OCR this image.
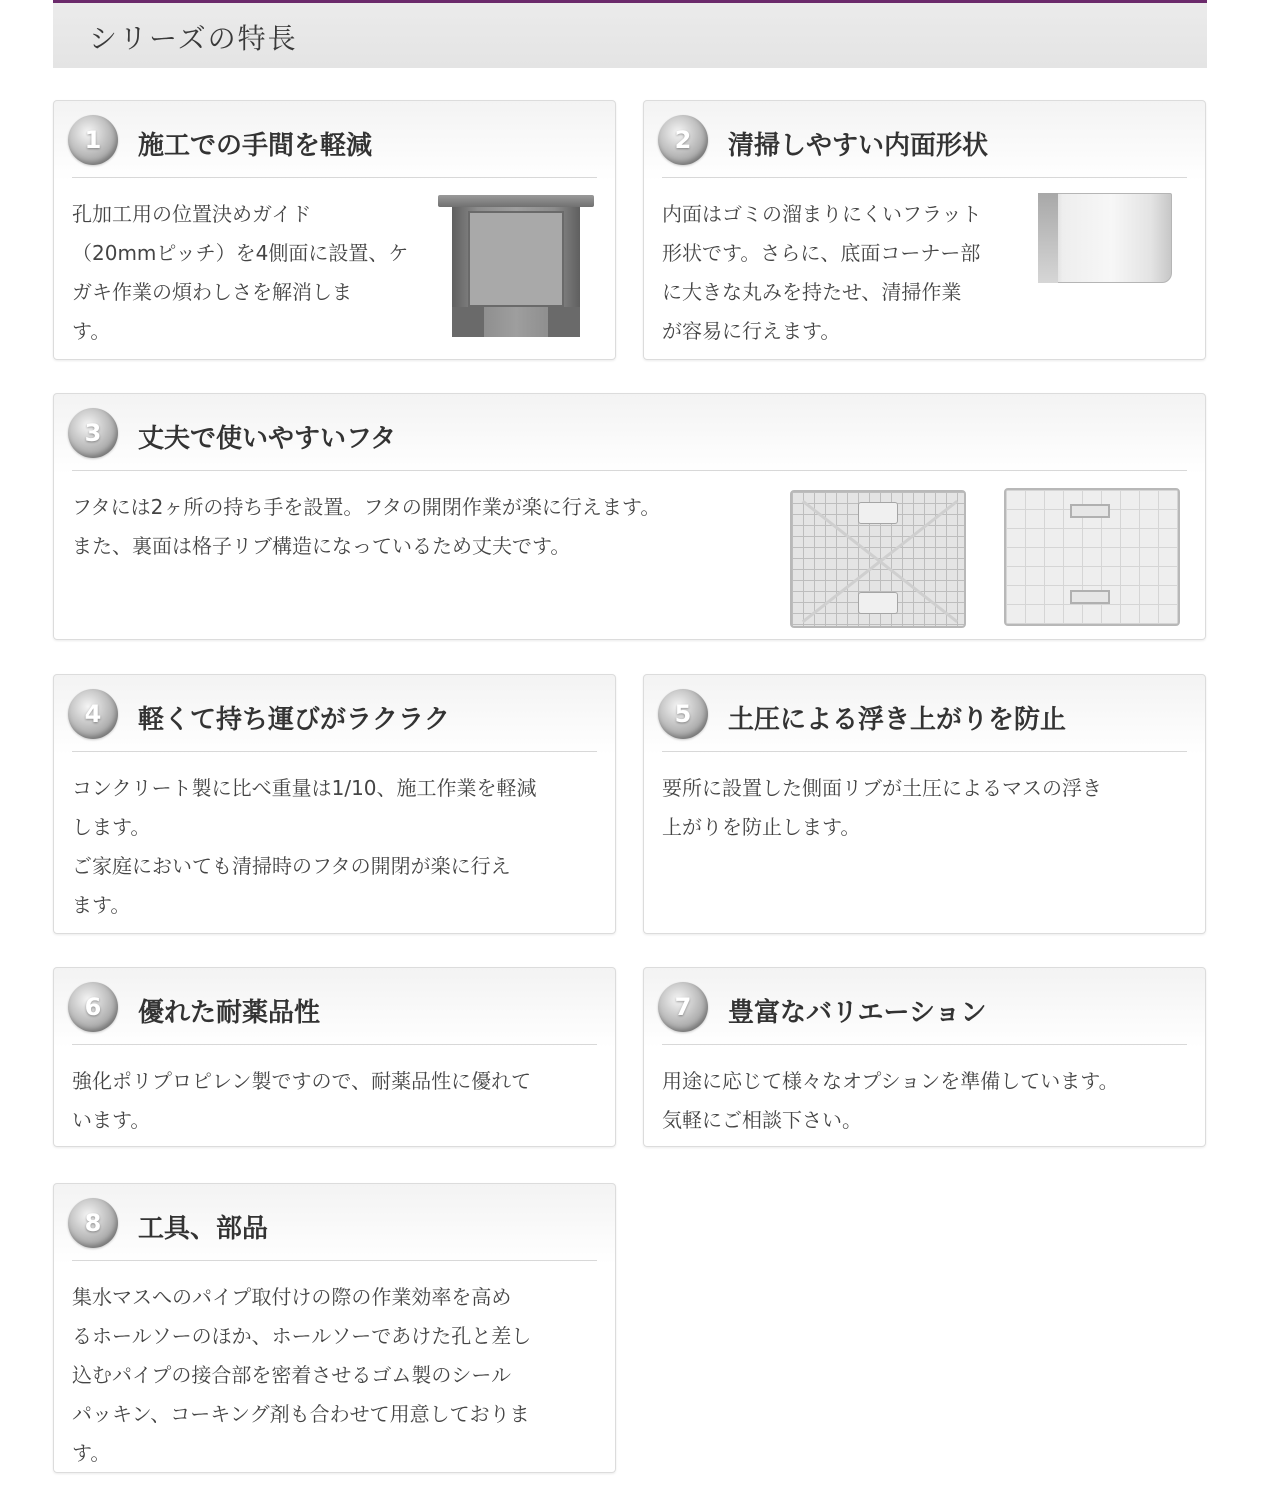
シリーズの特長
1 施工での手間を軽減
孔加工用の位置決めガイド
（20mmピッチ）を4側面に設置、ケ
ガキ作業の煩わしさを解消しま
す。
2 清掃しやすい内面形状
内面はゴミの溜まりにくいフラット
形状です。さらに、底面コーナー部
に大きな丸みを持たせ、清掃作業
が容易に行えます。
3 丈夫で使いやすいフタ
フタには2ヶ所の持ち手を設置。フタの開閉作業が楽に行えます。
また、裏面は格子リブ構造になっているため丈夫です。
4 軽くて持ち運びがラクラク
コンクリート製に比べ重量は1/10、施工作業を軽減
します。
ご家庭においても清掃時のフタの開閉が楽に行え
ます。
5 土圧による浮き上がりを防止
要所に設置した側面リブが土圧によるマスの浮き
上がりを防止します。
6 優れた耐薬品性
強化ポリプロピレン製ですので、耐薬品性に優れて
います。
7 豊富なバリエーション
用途に応じて様々なオプションを準備しています。
気軽にご相談下さい。
8 工具、部品
集水マスへのパイプ取付けの際の作業効率を高め
るホールソーのほか、ホールソーであけた孔と差し
込むパイプの接合部を密着させるゴム製のシール
パッキン、コーキング剤も合わせて用意しておりま
す。
